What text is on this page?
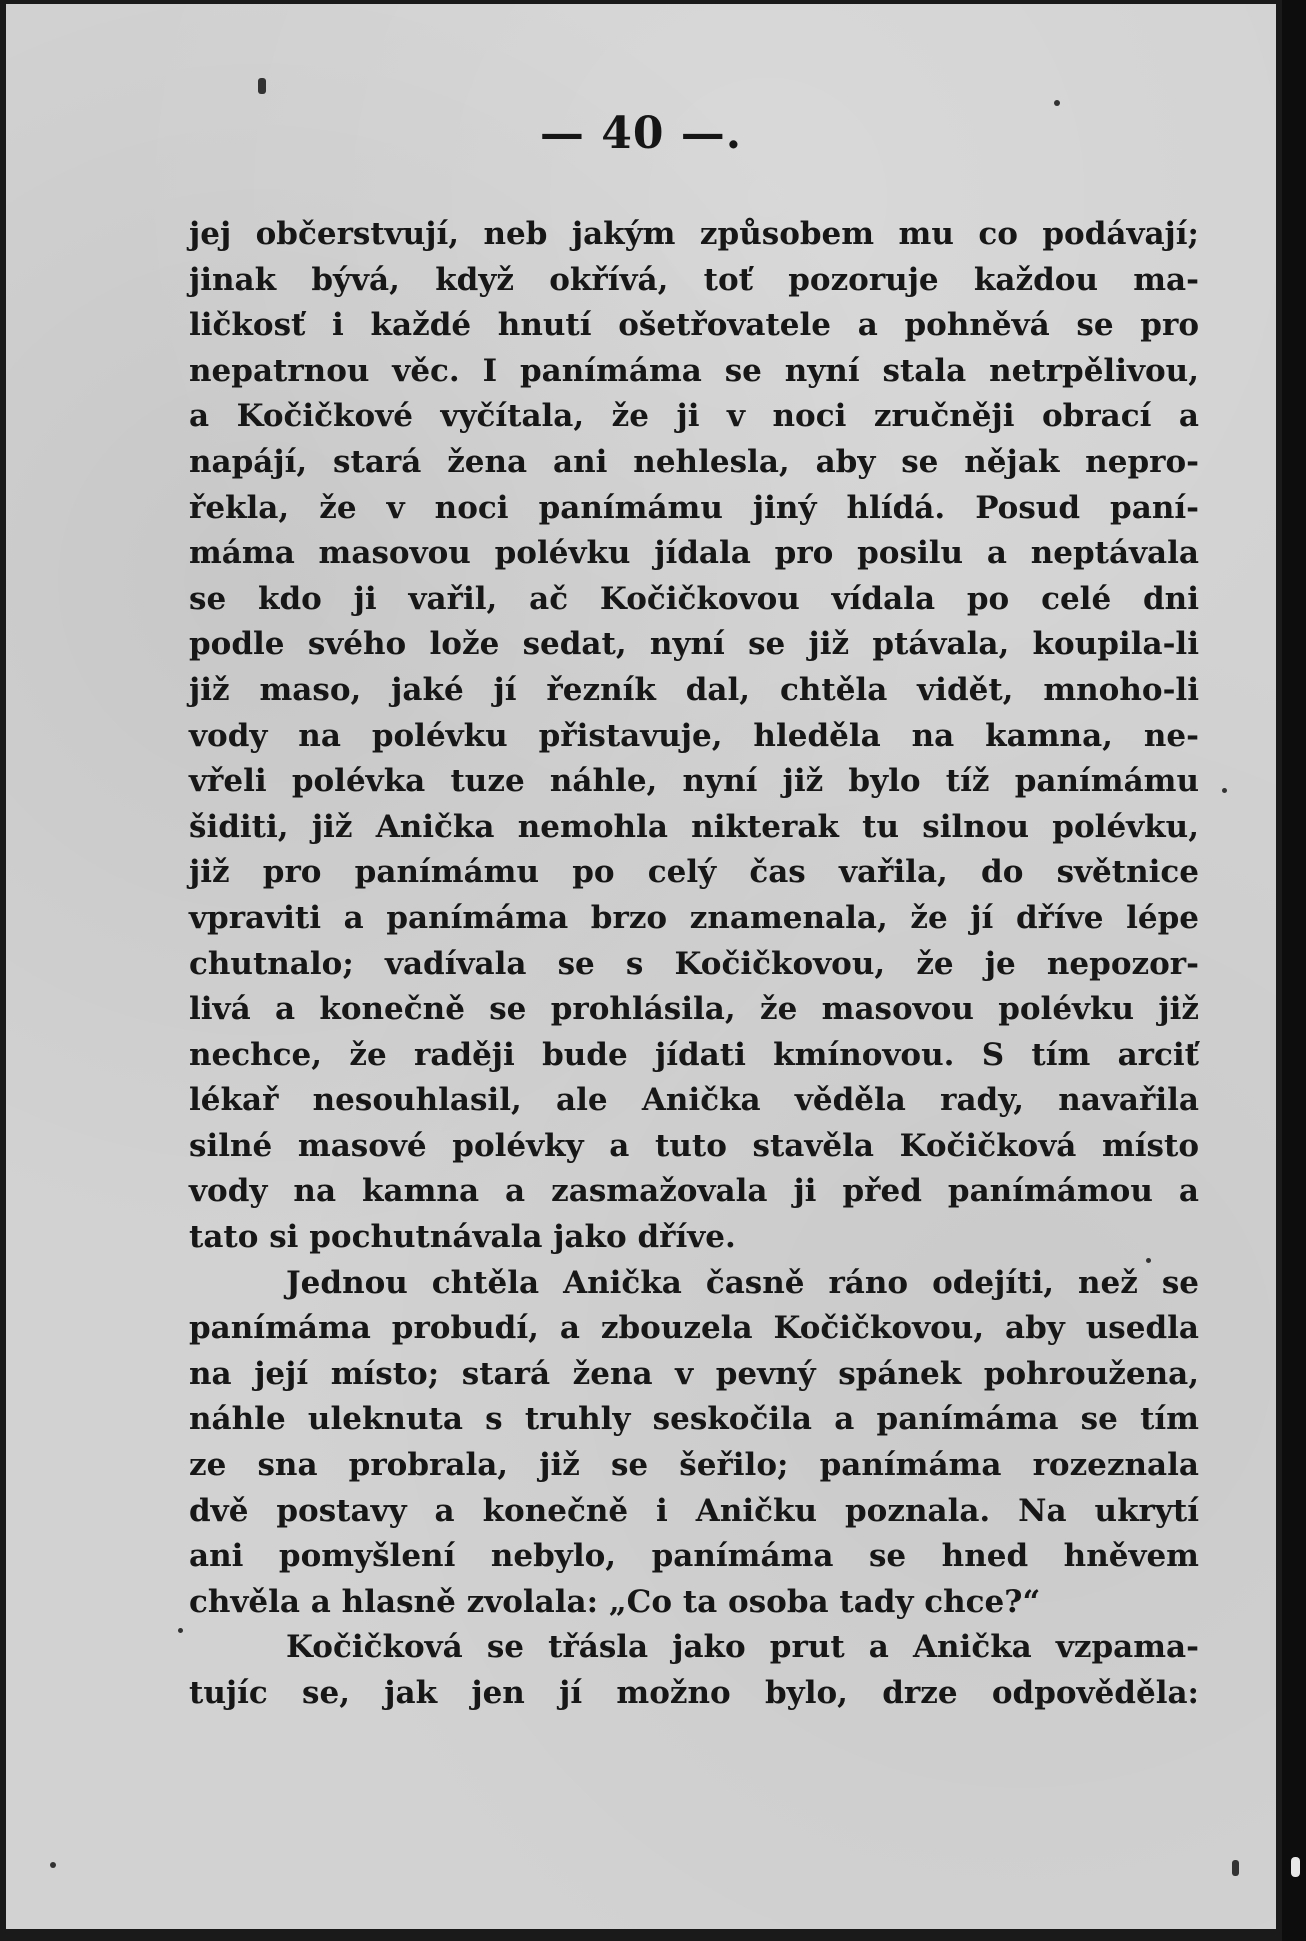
— 40 —.
jej občerstvují, neb jakým způsobem mu co podávají;
jinak bývá, když okřívá, toť pozoruje každou ma-
ličkosť i každé hnutí ošetřovatele a pohněvá se pro
nepatrnou věc. I panímáma se nyní stala netrpělivou,
a Kočičkové vyčítala, že ji v noci zručněji obrací a
napájí, stará žena ani nehlesla, aby se nějak nepro-
řekla, že v noci panímámu jiný hlídá. Posud paní-
máma masovou polévku jídala pro posilu a neptávala
se kdo ji vařil, ač Kočičkovou vídala po celé dni
podle svého lože sedat, nyní se již ptávala, koupila-li
již maso, jaké jí řezník dal, chtěla vidět, mnoho-li
vody na polévku přistavuje, hleděla na kamna, ne-
vřeli polévka tuze náhle, nyní již bylo tíž panímámu
šiditi, již Anička nemohla nikterak tu silnou polévku,
již pro panímámu po celý čas vařila, do světnice
vpraviti a panímáma brzo znamenala, že jí dříve lépe
chutnalo; vadívala se s Kočičkovou, že je nepozor-
livá a konečně se prohlásila, že masovou polévku již
nechce, že raději bude jídati kmínovou. S tím arciť
lékař nesouhlasil, ale Anička věděla rady, navařila
silné masové polévky a tuto stavěla Kočičková místo
vody na kamna a zasmažovala ji před panímámou a
tato si pochutnávala jako dříve.
Jednou chtěla Anička časně ráno odejíti, než se
panímáma probudí, a zbouzela Kočičkovou, aby usedla
na její místo; stará žena v pevný spánek pohroužena,
náhle uleknuta s truhly seskočila a panímáma se tím
ze sna probrala, již se šeřilo; panímáma rozeznala
dvě postavy a konečně i Aničku poznala. Na ukrytí
ani pomyšlení nebylo, panímáma se hned hněvem
chvěla a hlasně zvolala: „Co ta osoba tady chce?“
Kočičková se třásla jako prut a Anička vzpama-
tujíc se, jak jen jí možno bylo, drze odpověděla:
